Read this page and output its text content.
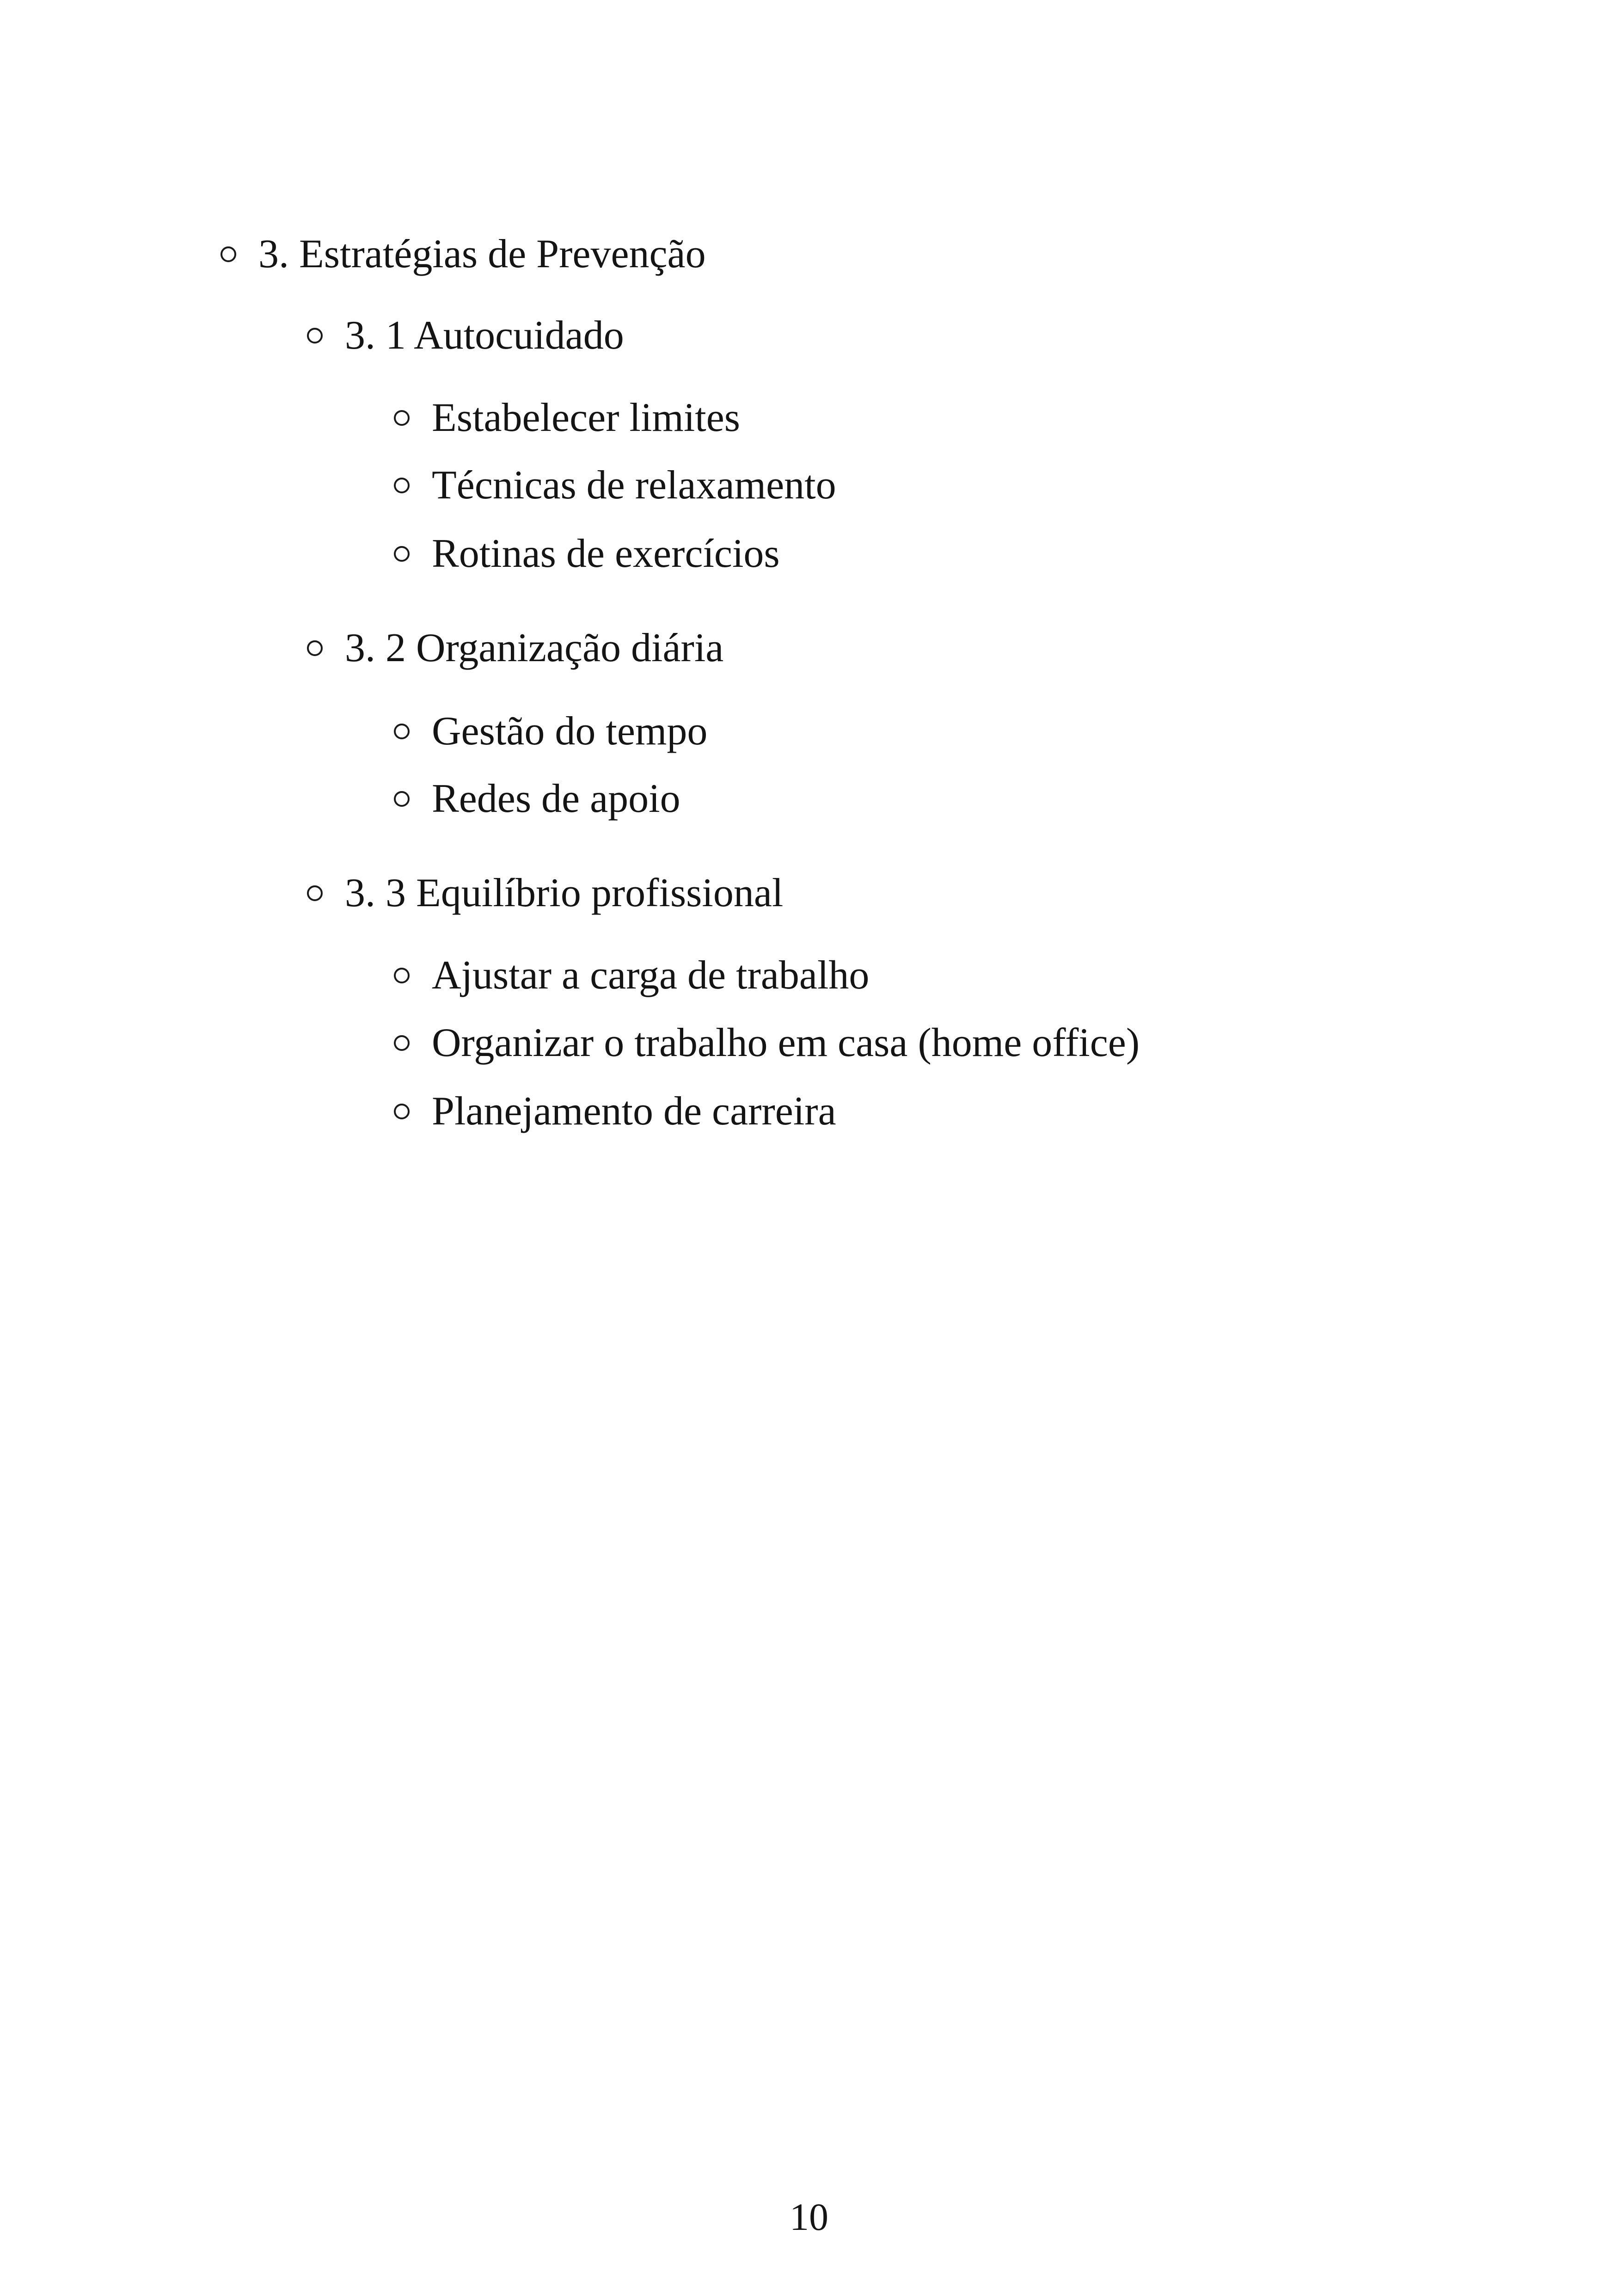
3. Estratégias de Prevenção
3. 1 Autocuidado
Estabelecer limites
Técnicas de relaxamento
Rotinas de exercícios
3. 2 Organização diária
Gestão do tempo
Redes de apoio
3. 3 Equilíbrio profissional
Ajustar a carga de trabalho
Organizar o trabalho em casa (home office)
Planejamento de carreira
10
